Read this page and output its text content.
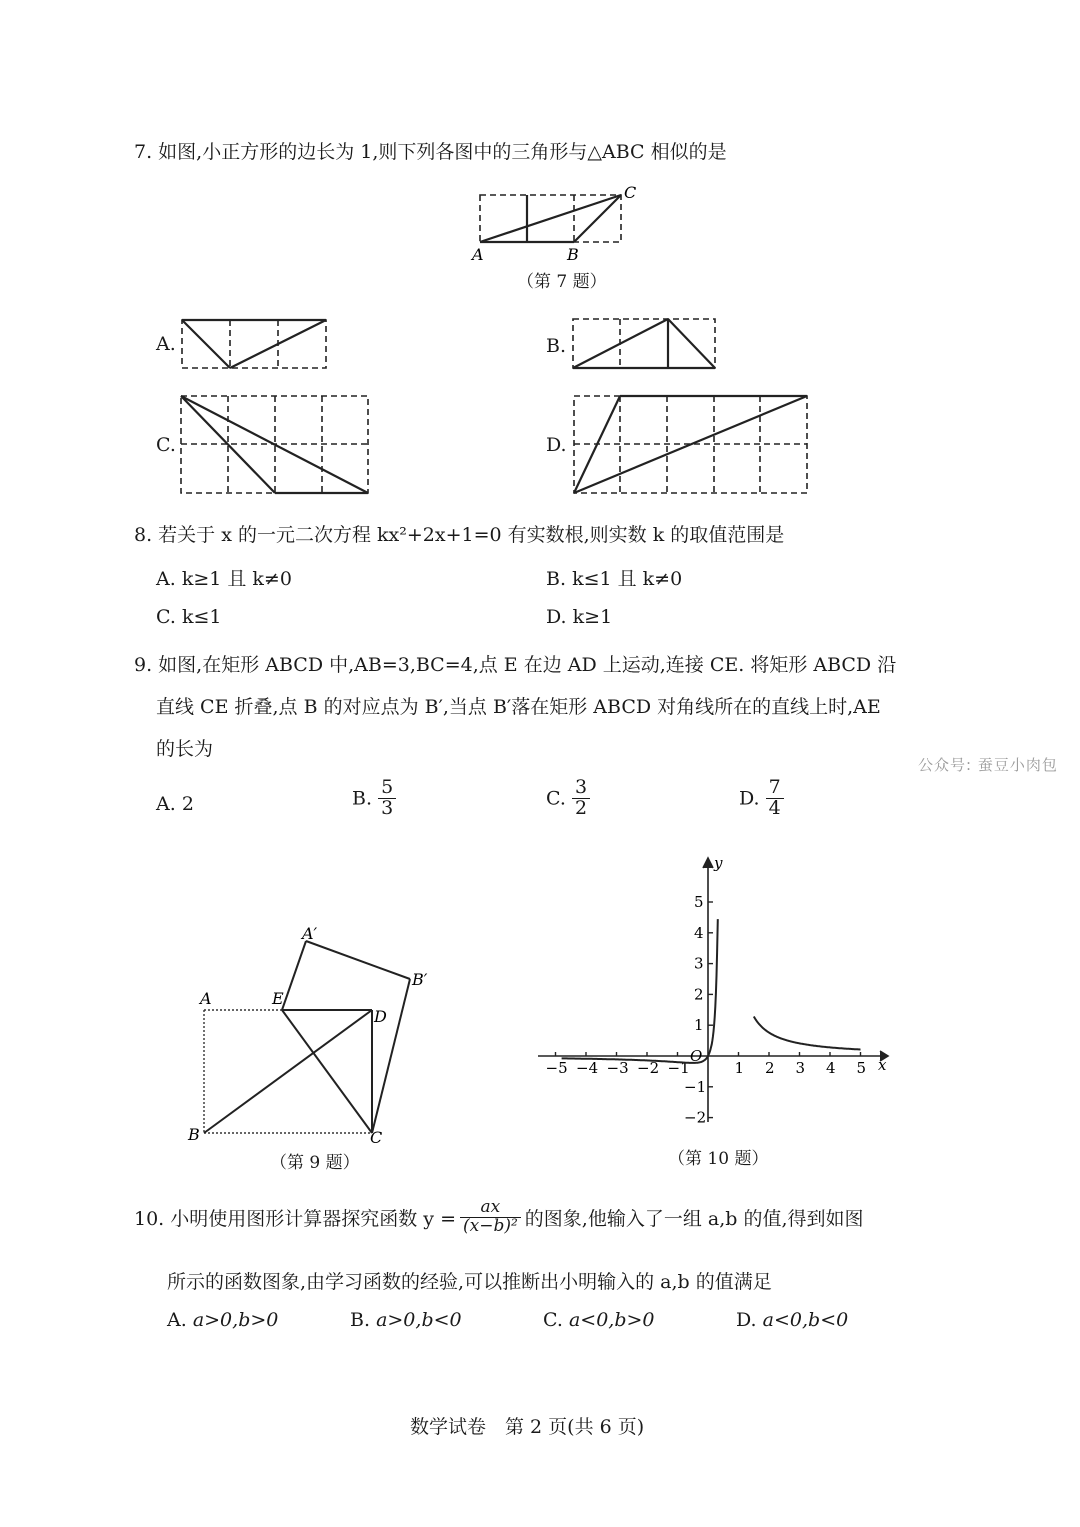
7. 如图,小正方形的边长为 1,则下列各图中的三角形与△ABC 相似的是
A	B
C
（第 7 题）
A.	B.
C.	D.
8. 若关于 x 的一元二次方程 kx²+2x+1=0 有实数根,则实数 k 的取值范围是
A. k≥1 且 k≠0	B. k≤1 且 k≠0
C. k≤1	D. k≥1
9. 如图,在矩形 ABCD 中,AB=3,BC=4,点 E 在边 AD 上运动,连接 CE. 将矩形 ABCD 沿
直线 CE 折叠,点 B 的对应点为 B′,当点 B′落在矩形 ABCD 对角线所在的直线上时,AE
的长为
公众号: 蚕豆小肉包
A. 2	B. $\frac{5}{3}$	C. $\frac{3}{2}$	D. $\frac{7}{4}$
A	E
D
B	C
A′
B′
（第 9 题）
−5 −4 −3 −2 −1	1 2 3 4 5
5
4
3
2
1
−1
−2
y
x
O
（第 10 题）
10. 小明使用图形计算器探究函数 $y = \frac{ax}{\text{(x−b)²}}$ 的图象,他输入了一组 a,b 的值,得到如图
所示的函数图象,由学习函数的经验,可以推断出小明输入的 a,b 的值满足
A. a>0,b>0	B. a>0,b<0	C. a<0,b>0	D. a<0,b<0
数学试卷　第 2 页(共 6 页)
